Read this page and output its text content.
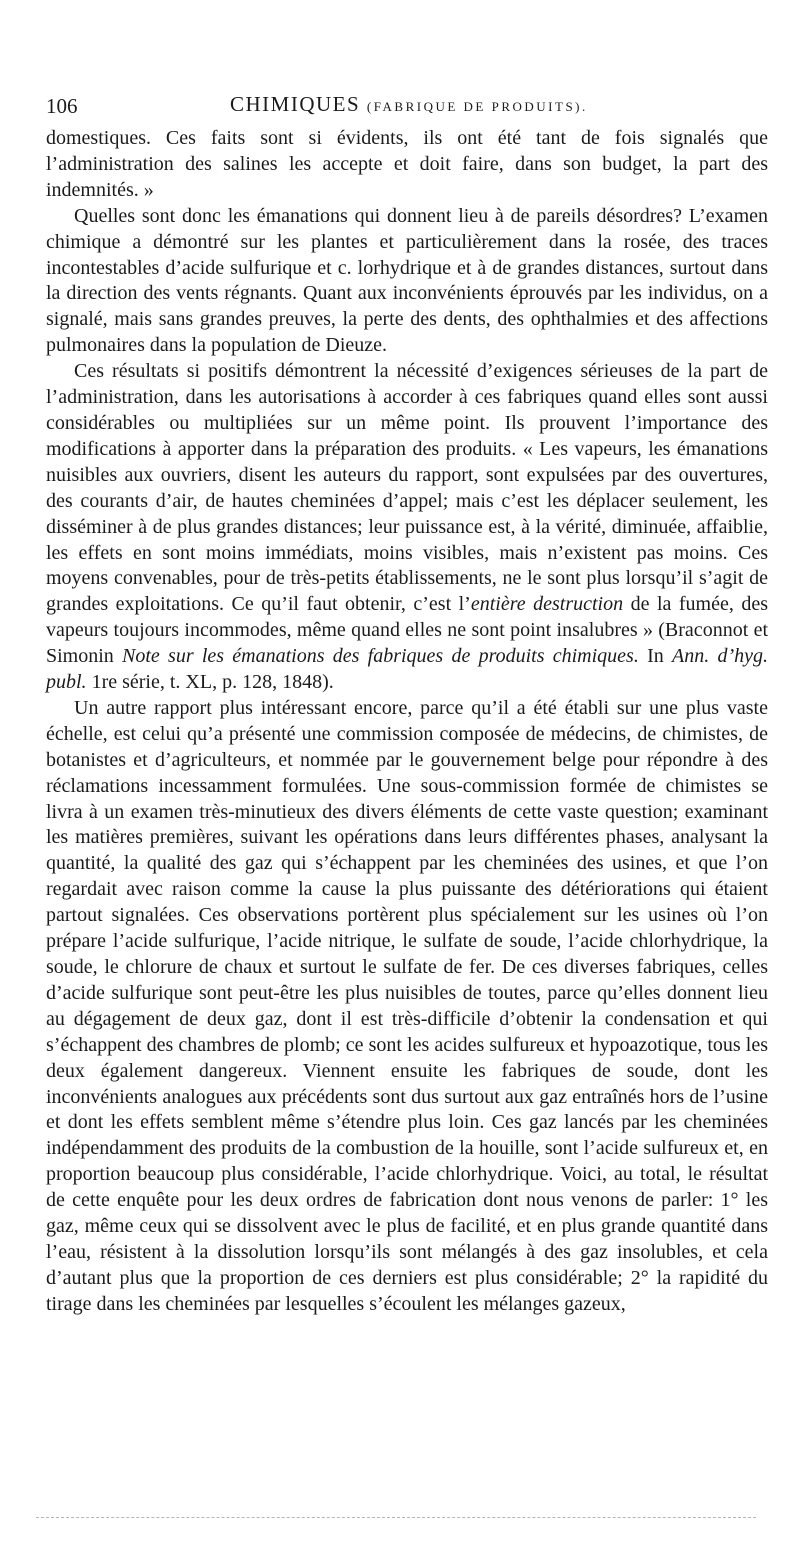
106	CHIMIQUES (FABRIQUE DE PRODUITS).

domestiques. Ces faits sont si évidents, ils ont été tant de fois signalés que l’administration des salines les accepte et doit faire, dans son budget, la part des indemnités. »

Quelles sont donc les émanations qui donnent lieu à de pareils désordres? L’examen chimique a démontré sur les plantes et particulièrement dans la rosée, des traces incontestables d’acide sulfurique et c. lorhydrique et à de grandes distances, surtout dans la direction des vents régnants. Quant aux inconvénients éprouvés par les individus, on a signalé, mais sans grandes preuves, la perte des dents, des ophthalmies et des affections pulmonaires dans la population de Dieuze.

Ces résultats si positifs démontrent la nécessité d’exigences sérieuses de la part de l’administration, dans les autorisations à accorder à ces fabriques quand elles sont aussi considérables ou multipliées sur un même point. Ils prouvent l’importance des modifications à apporter dans la préparation des produits. « Les vapeurs, les émanations nuisibles aux ouvriers, disent les auteurs du rapport, sont expulsées par des ouvertures, des courants d’air, de hautes cheminées d’appel; mais c’est les déplacer seulement, les disséminer à de plus grandes distances; leur puissance est, à la vérité, diminuée, affaiblie, les effets en sont moins immédiats, moins visibles, mais n’existent pas moins. Ces moyens convenables, pour de très-petits établissements, ne le sont plus lorsqu’il s’agit de grandes exploitations. Ce qu’il faut obtenir, c’est l’entière destruction de la fumée, des vapeurs toujours incommodes, même quand elles ne sont point insalubres » (Braconnot et Simonin Note sur les émanations des fabriques de produits chimiques. In Ann. d’hyg. publ. 1re série, t. XL, p. 128, 1848).

Un autre rapport plus intéressant encore, parce qu’il a été établi sur une plus vaste échelle, est celui qu’a présenté une commission composée de médecins, de chimistes, de botanistes et d’agriculteurs, et nommée par le gouvernement belge pour répondre à des réclamations incessamment formulées. Une sous-commission formée de chimistes se livra à un examen très-minutieux des divers éléments de cette vaste question; examinant les matières premières, suivant les opérations dans leurs différentes phases, analysant la quantité, la qualité des gaz qui s’échappent par les cheminées des usines, et que l’on regardait avec raison comme la cause la plus puissante des détériorations qui étaient partout signalées. Ces observations portèrent plus spécialement sur les usines où l’on prépare l’acide sulfurique, l’acide nitrique, le sulfate de soude, l’acide chlorhydrique, la soude, le chlorure de chaux et surtout le sulfate de fer. De ces diverses fabriques, celles d’acide sulfurique sont peut-être les plus nuisibles de toutes, parce qu’elles donnent lieu au dégagement de deux gaz, dont il est très-difficile d’obtenir la condensation et qui s’échappent des chambres de plomb; ce sont les acides sulfureux et hypoazotique, tous les deux également dangereux. Viennent ensuite les fabriques de soude, dont les inconvénients analogues aux précédents sont dus surtout aux gaz entraînés hors de l’usine et dont les effets semblent même s’étendre plus loin. Ces gaz lancés par les cheminées indépendamment des produits de la combustion de la houille, sont l’acide sulfureux et, en proportion beaucoup plus considérable, l’acide chlorhydrique. Voici, au total, le résultat de cette enquête pour les deux ordres de fabrication dont nous venons de parler: 1° les gaz, même ceux qui se dissolvent avec le plus de facilité, et en plus grande quantité dans l’eau, résistent à la dissolution lorsqu’ils sont mélangés à des gaz insolubles, et cela d’autant plus que la proportion de ces derniers est plus considérable; 2° la rapidité du tirage dans les cheminées par lesquelles s’écoulent les mélanges gazeux,
